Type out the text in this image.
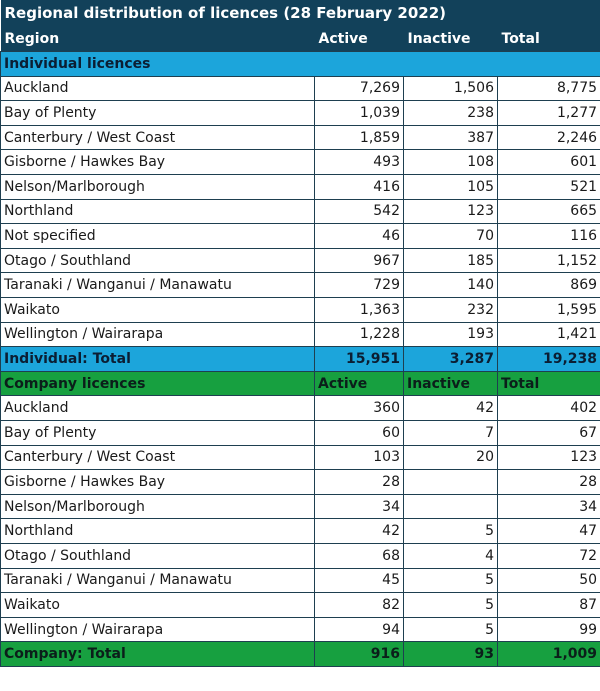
Regional distribution of licences (28 February 2022)			
Region	Active	Inactive	Total
Individual licences			
Auckland	7,269	1,506	8,775
Bay of Plenty	1,039	238	1,277
Canterbury / West Coast	1,859	387	2,246
Gisborne / Hawkes Bay	493	108	601
Nelson/Marlborough	416	105	521
Northland	542	123	665
Not specified	46	70	116
Otago / Southland	967	185	1,152
Taranaki / Wanganui / Manawatu	729	140	869
Waikato	1,363	232	1,595
Wellington / Wairarapa	1,228	193	1,421
Individual: Total	15,951	3,287	19,238
Company licences	Active	Inactive	Total
Auckland	360	42	402
Bay of Plenty	60	7	67
Canterbury / West Coast	103	20	123
Gisborne / Hawkes Bay	28		28
Nelson/Marlborough	34		34
Northland	42	5	47
Otago / Southland	68	4	72
Taranaki / Wanganui / Manawatu	45	5	50
Waikato	82	5	87
Wellington / Wairarapa	94	5	99
Company: Total	916	93	1,009
